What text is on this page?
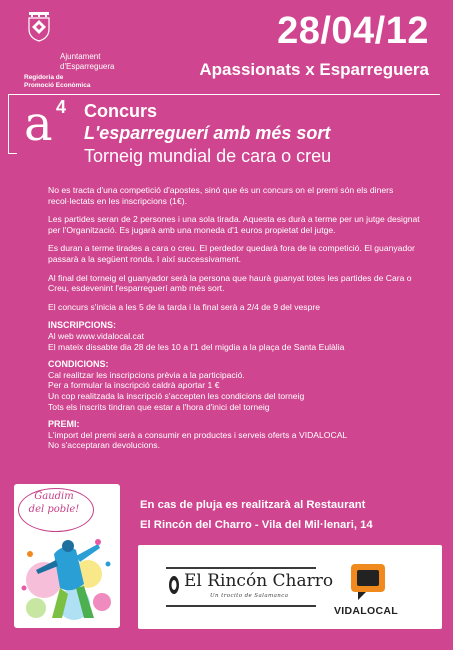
Ajuntament
d'Esparreguera
Regidoria de
Promoció Econòmica
28/04/12
Apassionats x Esparreguera
a 4 Concurs
L'esparreguerí amb més sort
Torneig mundial de cara o creu

No es tracta d'una competició d'apostes, sinó que és un concurs on el premi són els diners recol·lectats en les inscripcions (1€).

Les partides seran de 2 persones i una sola tirada. Aquesta es durà a terme per un jutge designat per l'Organització. Es jugarà amb una moneda d'1 euros propietat del jutge.

Es duran a terme tirades a cara o creu. El perdedor quedarà fora de la competició. El guanyador passarà a la següent ronda. I així successivament.

Al final del torneig el guanyador serà la persona que haurà guanyat totes les partides de Cara o Creu, esdevenint l'esparreguerí amb més sort.

El concurs s'inicia a les 5 de la tarda i la final serà a 2/4 de 9 del vespre

INSCRIPCIONS:
Al web www.vidalocal.cat
El mateix dissabte dia 28 de les 10 a l'1 del migdia a la plaça de Santa Eulàlia
CONDICIONS:
Cal realitzar les inscripcions prèvia a la participació.
Per a formular la inscripció caldrà aportar 1 €
Un cop realitzada la inscripció s'accepten les condicions del torneig
Tots els inscrits tindran que estar a l'hora d'inici del torneig
PREMI:
L'import del premi serà a consumir en productes i serveis oferts a VIDALOCAL
No s'acceptaran devolucions.
Gaudim
del poble!	En cas de pluja es realitzarà al Restaurant
El Rincón del Charro - Vila del Mil·lenari, 14
El Rincón Charro
Un trocito de Salamanca
VIDALOCAL
